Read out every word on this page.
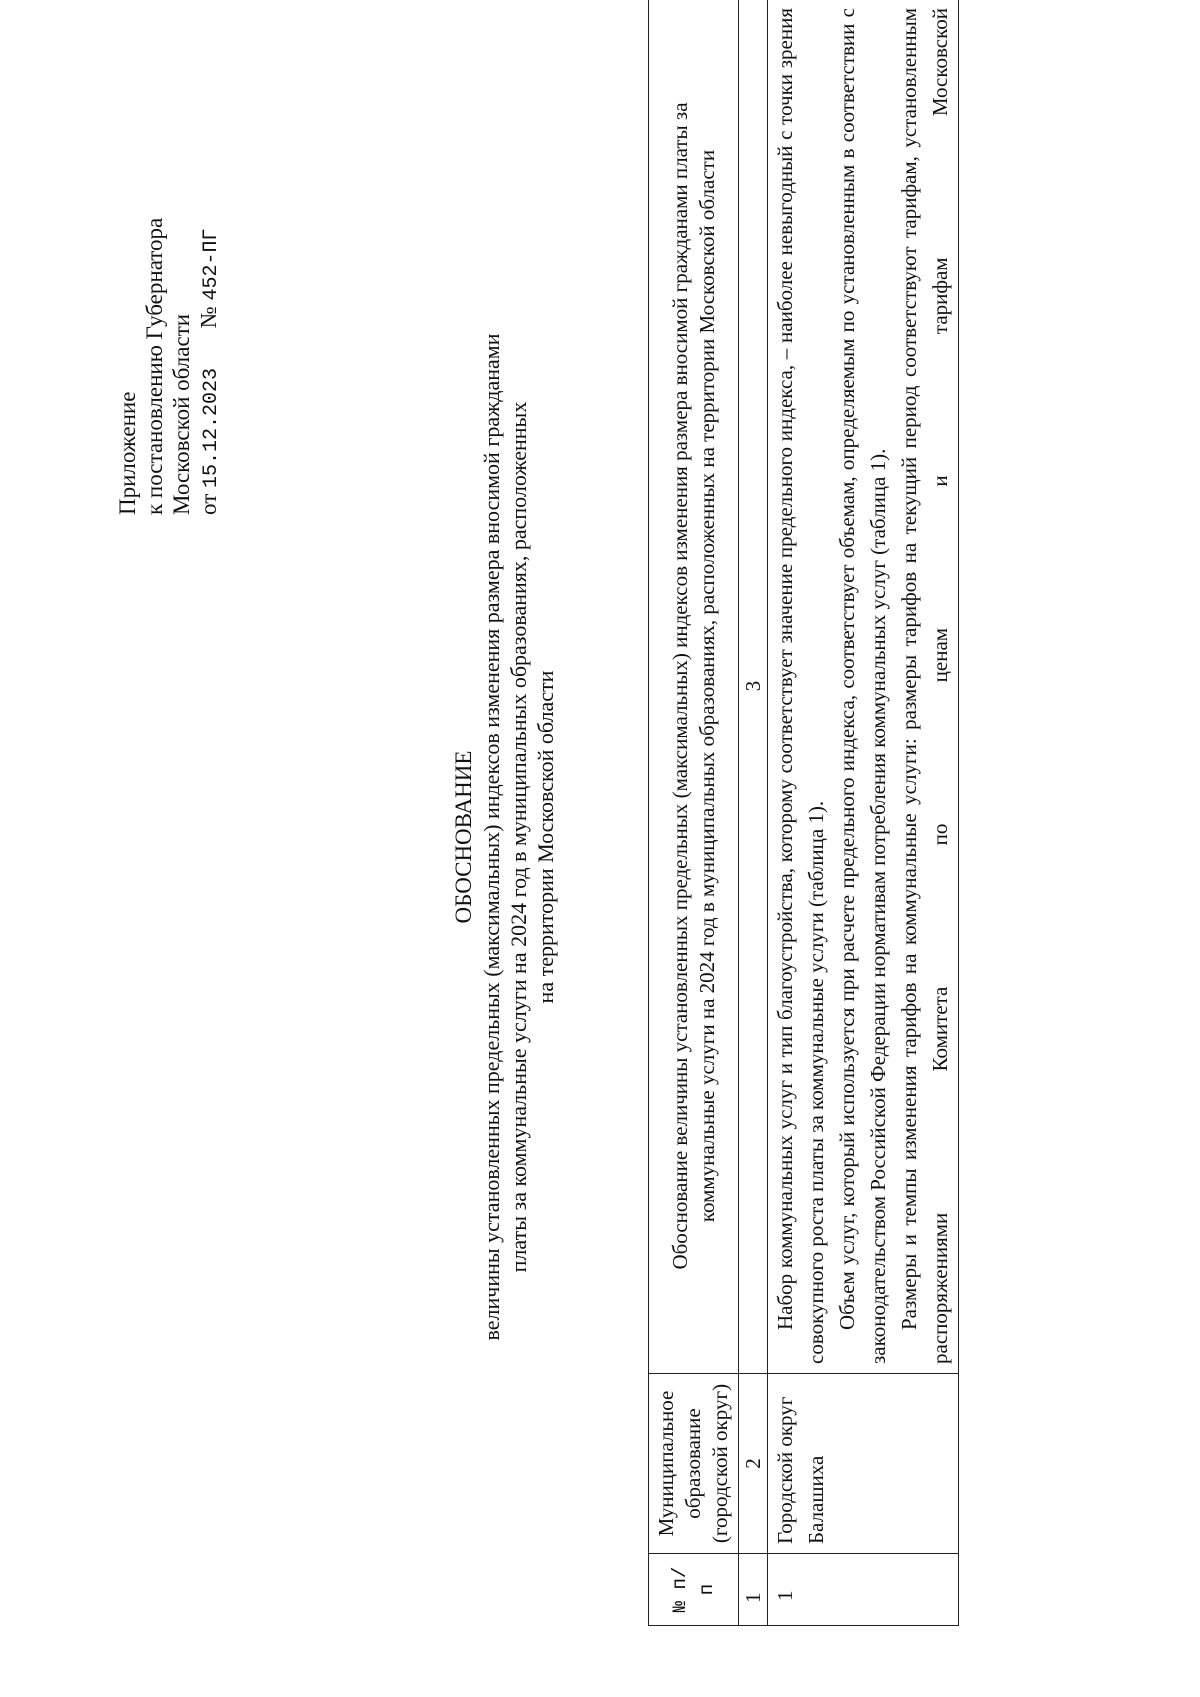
Приложение к постановлению Губернатора Московской области от 15.12.2023 № 452-ПГ
ОБОСНОВАНИЕ величины установленных предельных (максимальных) индексов изменения размера вносимой гражданами платы за коммунальные услуги на 2024 год в муниципальных образованиях, расположенных на территории Московской области
№ п/п	Муниципальное образование (городской округ)	Обоснование величины установленных предельных (максимальных) индексов изменения размера вносимой гражданами платы за коммунальные услуги на 2024 год в муниципальных образованиях, расположенных на территории Московской области
1	2	3
1	Городской округ Балашиха	Набор коммунальных услуг и тип благоустройства, которому соответствует значение предельного индекса, – наиболее невыгодный с точки зрения совокупного роста платы за коммунальные услуги (таблица 1). Объем услуг, который используется при расчете предельного индекса, соответствует объемам, определяемым по установленным в соответствии с законодательством Российской Федерации нормативам потребления коммунальных услуг (таблица 1). Размеры и темпы изменения тарифов на коммунальные услуги: размеры тарифов на текущий период соответствуют тарифам, установленным распоряжениями Комитета по ценам и тарифам Московской
